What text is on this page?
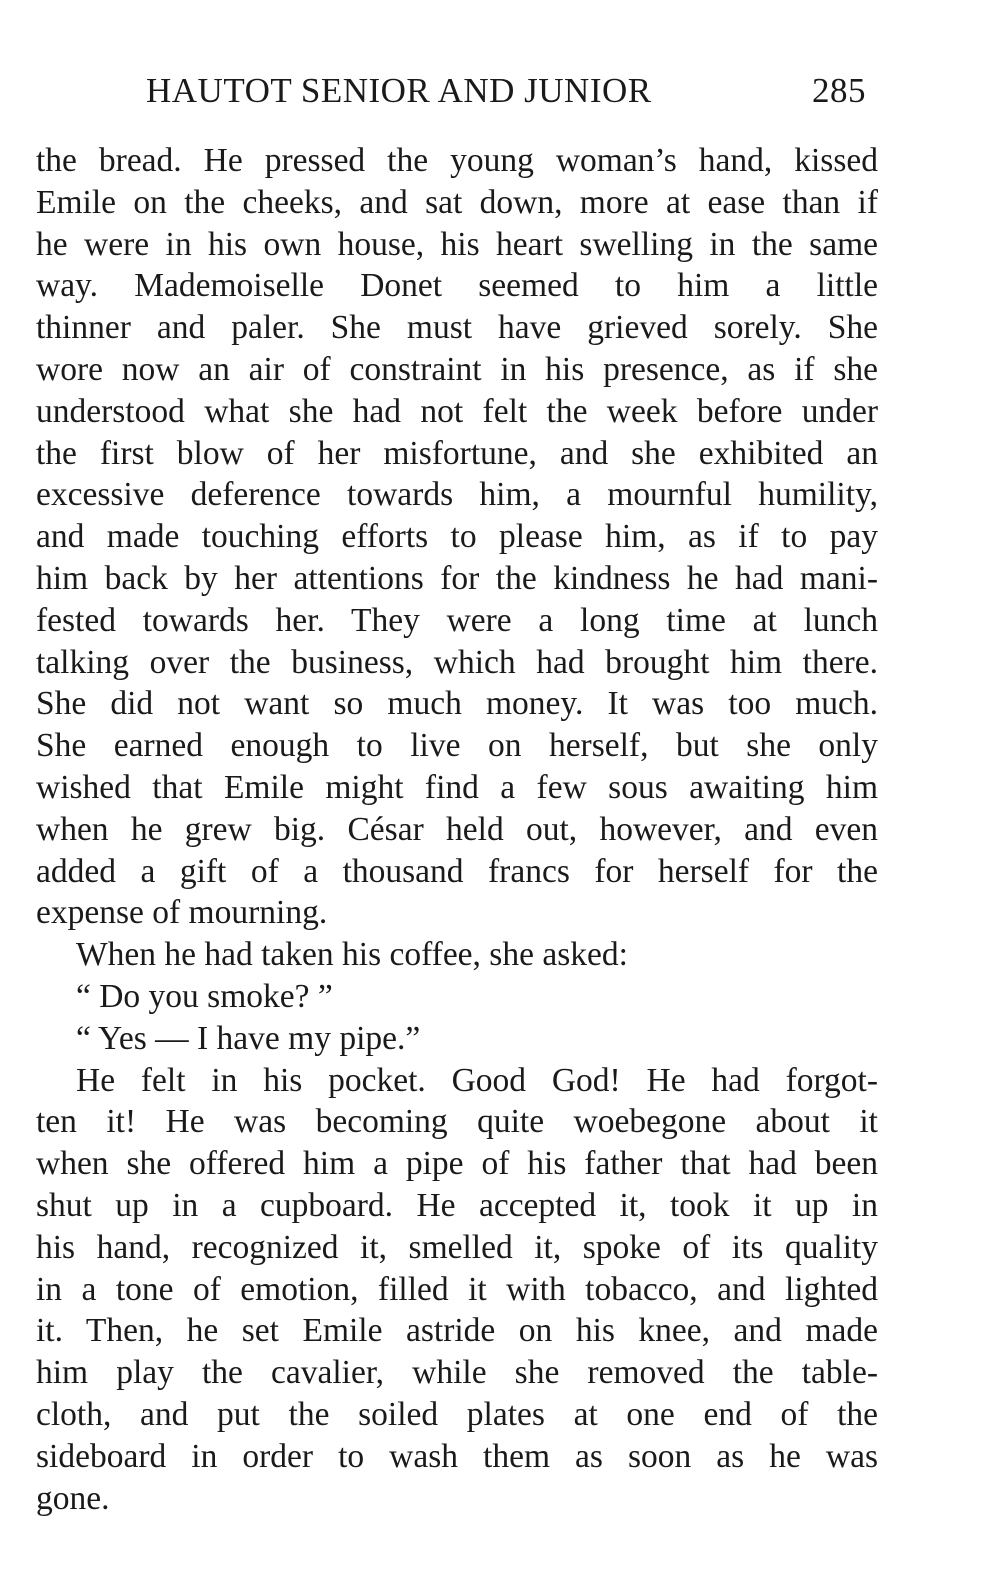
HAUTOT SENIOR AND JUNIOR	285
the bread. He pressed the young woman’s hand, kissed
Emile on the cheeks, and sat down, more at ease than if
he were in his own house, his heart swelling in the same
way. Mademoiselle Donet seemed to him a little
thinner and paler. She must have grieved sorely. She
wore now an air of constraint in his presence, as if she
understood what she had not felt the week before under
the first blow of her misfortune, and she exhibited an
excessive deference towards him, a mournful humility,
and made touching efforts to please him, as if to pay
him back by her attentions for the kindness he had mani-
fested towards her. They were a long time at lunch
talking over the business, which had brought him there.
She did not want so much money. It was too much.
She earned enough to live on herself, but she only
wished that Emile might find a few sous awaiting him
when he grew big. César held out, however, and even
added a gift of a thousand francs for herself for the
expense of mourning.
When he had taken his coffee, she asked:
“ Do you smoke? ”
“ Yes — I have my pipe.”
He felt in his pocket. Good God! He had forgot-
ten it! He was becoming quite woebegone about it
when she offered him a pipe of his father that had been
shut up in a cupboard. He accepted it, took it up in
his hand, recognized it, smelled it, spoke of its quality
in a tone of emotion, filled it with tobacco, and lighted
it. Then, he set Emile astride on his knee, and made
him play the cavalier, while she removed the table-
cloth, and put the soiled plates at one end of the
sideboard in order to wash them as soon as he was
gone.
